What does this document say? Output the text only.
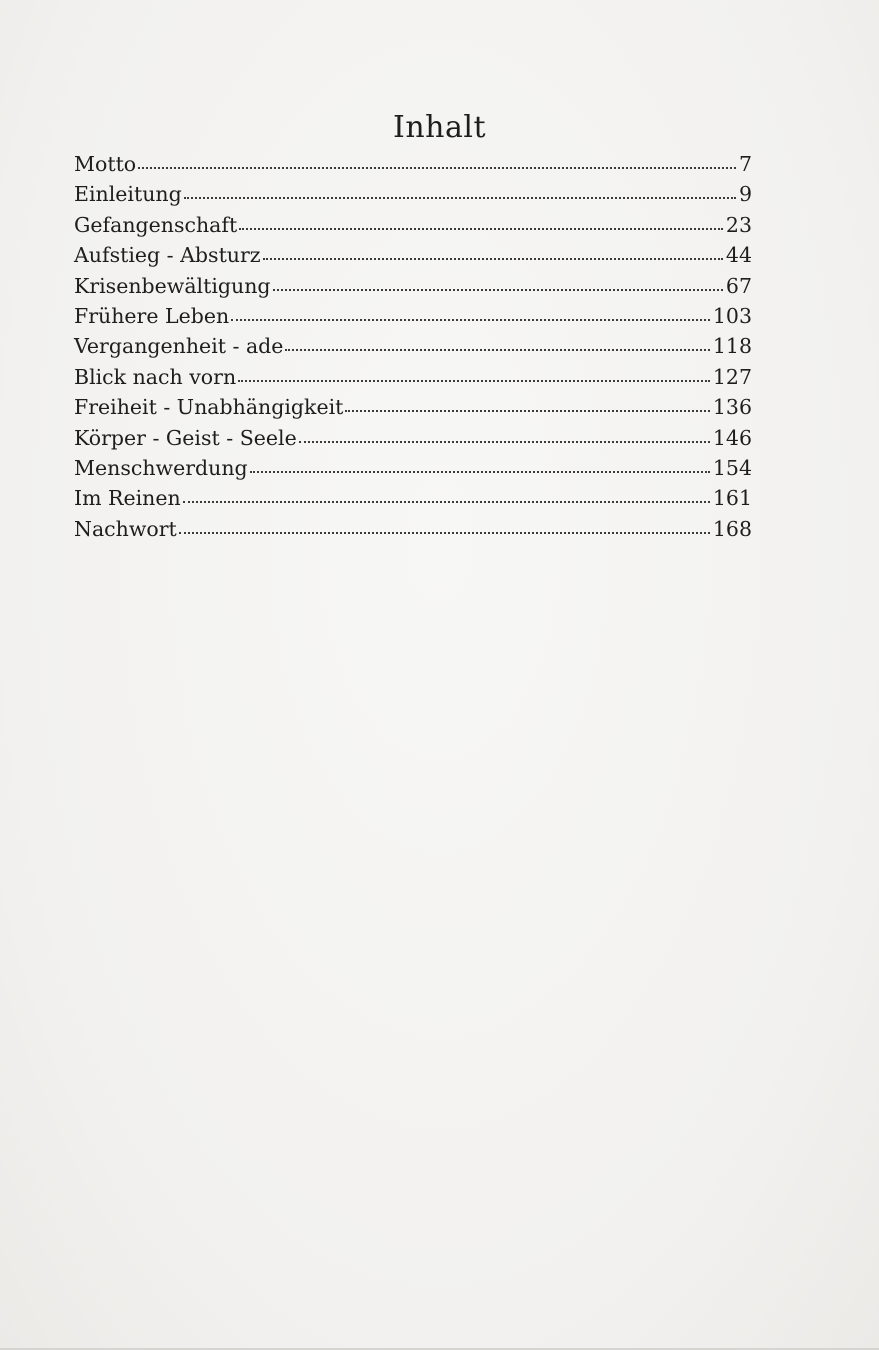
Inhalt
Motto	7
Einleitung	9
Gefangenschaft	23
Aufstieg - Absturz	44
Krisenbewältigung	67
Frühere Leben	103
Vergangenheit - ade	118
Blick nach vorn	127
Freiheit - Unabhängigkeit	136
Körper - Geist - Seele	146
Menschwerdung	154
Im Reinen	161
Nachwort	168
